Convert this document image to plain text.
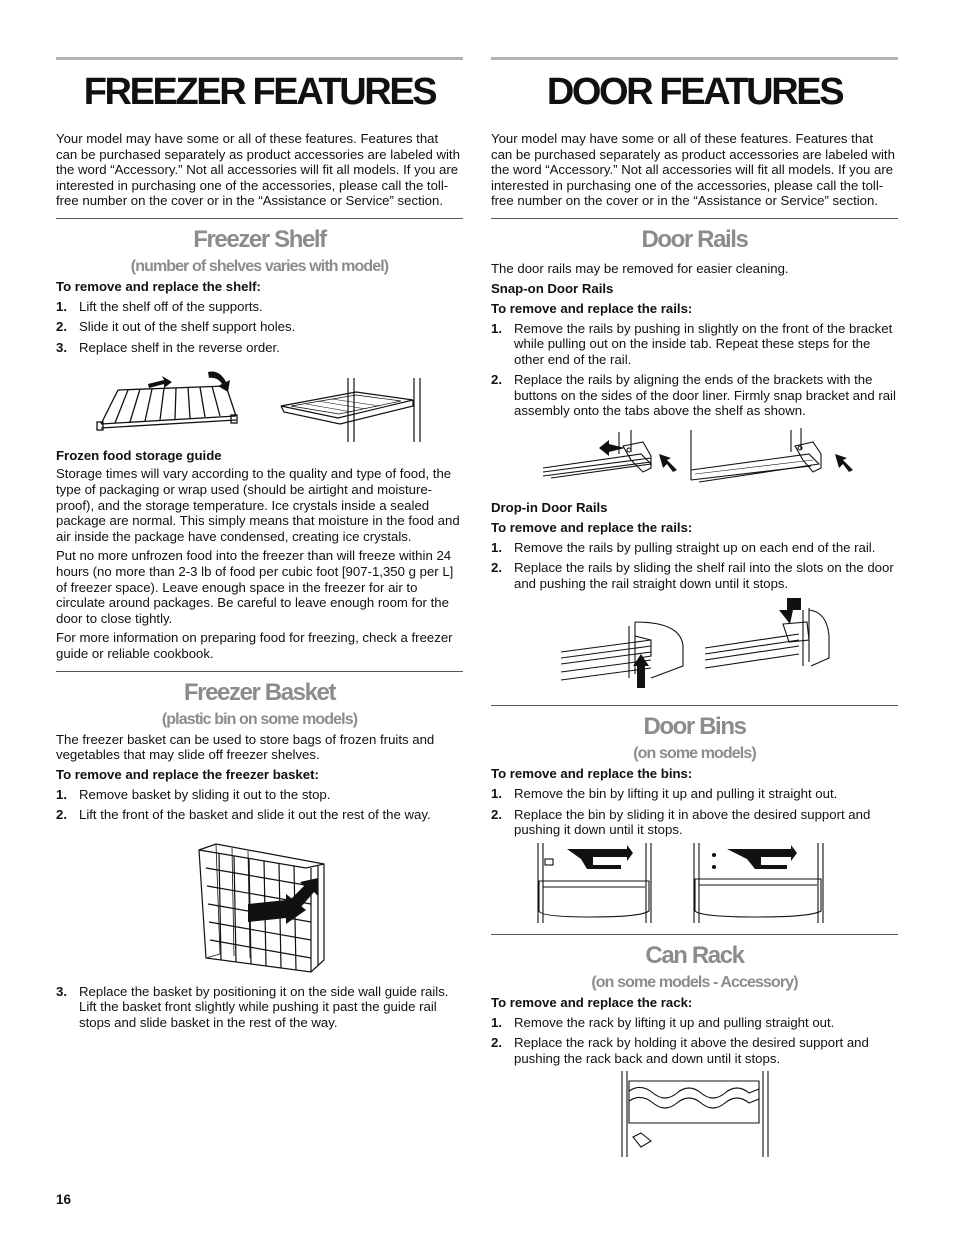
FREEZER FEATURES

Your model may have some or all of these features. Features that can be purchased separately as product accessories are labeled with the word “Accessory.” Not all accessories will fit all models. If you are interested in purchasing one of the accessories, please call the toll-free number on the cover or in the “Assistance or Service” section.

Freezer Shelf
(number of shelves varies with model)

To remove and replace the shelf:

1. Lift the shelf off of the supports.
2. Slide it out of the shelf support holes.
3. Replace shelf in the reverse order.

Frozen food storage guide

Storage times will vary according to the quality and type of food, the type of packaging or wrap used (should be airtight and moisture-proof), and the storage temperature. Ice crystals inside a sealed package are normal. This simply means that moisture in the food and air inside the package have condensed, creating ice crystals.

Put no more unfrozen food into the freezer than will freeze within 24 hours (no more than 2-3 lb of food per cubic foot [907-1,350 g per L] of freezer space). Leave enough space in the freezer for air to circulate around packages. Be careful to leave enough room for the door to close tightly.

For more information on preparing food for freezing, check a freezer guide or reliable cookbook.

Freezer Basket
(plastic bin on some models)

The freezer basket can be used to store bags of frozen fruits and vegetables that may slide off freezer shelves.

To remove and replace the freezer basket:

1. Remove basket by sliding it out to the stop.
2. Lift the front of the basket and slide it out the rest of the way.
3. Replace the basket by positioning it on the side wall guide rails. Lift the basket front slightly while pushing it past the guide rail stops and slide basket in the rest of the way.
DOOR FEATURES

Your model may have some or all of these features. Features that can be purchased separately as product accessories are labeled with the word “Accessory.” Not all accessories will fit all models. If you are interested in purchasing one of the accessories, please call the toll-free number on the cover or in the “Assistance or Service” section.

Door Rails

The door rails may be removed for easier cleaning.

Snap-on Door Rails

To remove and replace the rails:

1. Remove the rails by pushing in slightly on the front of the bracket while pulling out on the inside tab. Repeat these steps for the other end of the rail.
2. Replace the rails by aligning the ends of the brackets with the buttons on the sides of the door liner. Firmly snap bracket and rail assembly onto the tabs above the shelf as shown.

Drop-in Door Rails

To remove and replace the rails:

1. Remove the rails by pulling straight up on each end of the rail.
2. Replace the rails by sliding the shelf rail into the slots on the door and pushing the rail straight down until it stops.
Door Bins
(on some models)

To remove and replace the bins:

1. Remove the bin by lifting it up and pulling it straight out.
2. Replace the bin by sliding it in above the desired support and pushing it down until it stops.
Can Rack
(on some models - Accessory)

To remove and replace the rack:

1. Remove the rack by lifting it up and pulling straight out.
2. Replace the rack by holding it above the desired support and pushing the rack back and down until it stops.
16
